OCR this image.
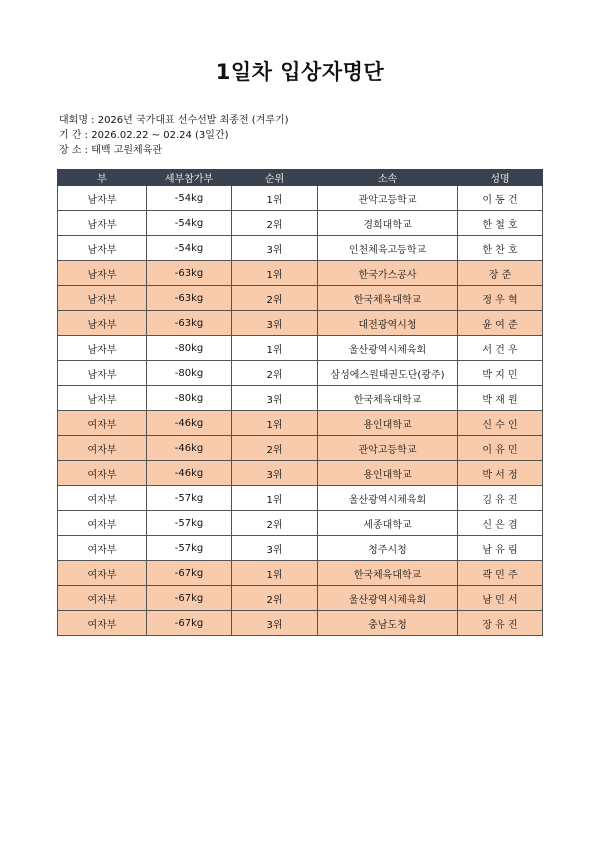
1일차 입상자명단
대회명 : 2026년 국가대표 선수선발 최종전 (겨루기)
기 간 : 2026.02.22 ~ 02.24 (3일간)
장 소 : 태백 고원체육관
부	세부참가부	순위	소속	성명
남자부	-54kg	1위	관악고등학교	이 동 건
남자부	-54kg	2위	경희대학교	한 철 호
남자부	-54kg	3위	인천체육고등학교	한 찬 호
남자부	-63kg	1위	한국가스공사	장 준
남자부	-63kg	2위	한국체육대학교	정 우 혁
남자부	-63kg	3위	대전광역시청	윤 여 준
남자부	-80kg	1위	울산광역시체육회	서 건 우
남자부	-80kg	2위	삼성에스원태권도단(광주)	박 지 민
남자부	-80kg	3위	한국체육대학교	박 재 원
여자부	-46kg	1위	용인대학교	신 수 인
여자부	-46kg	2위	관악고등학교	이 유 민
여자부	-46kg	3위	용인대학교	박 서 정
여자부	-57kg	1위	울산광역시체육회	김 유 진
여자부	-57kg	2위	세종대학교	신 은 겸
여자부	-57kg	3위	청주시청	남 유 림
여자부	-67kg	1위	한국체육대학교	곽 민 주
여자부	-67kg	2위	울산광역시체육회	남 민 서
여자부	-67kg	3위	충남도청	장 유 진
